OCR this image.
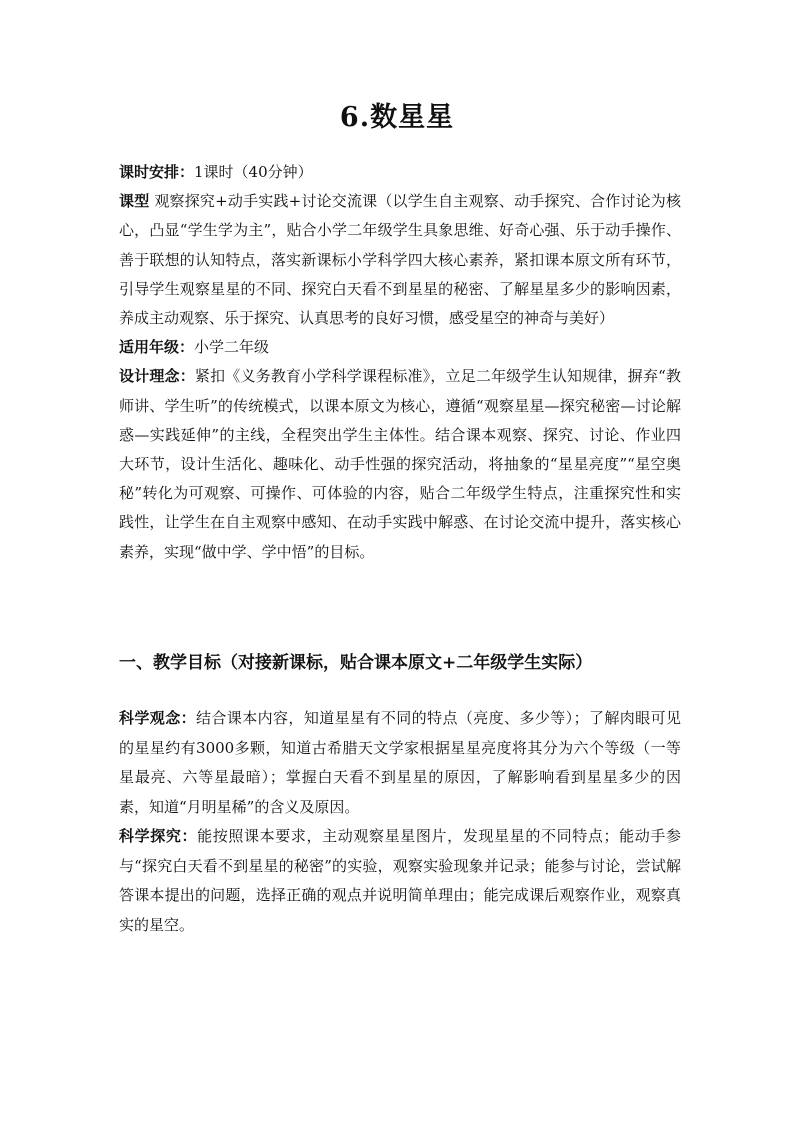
6.数星星

课时安排：1课时（40分钟）

课型 观察探究+动手实践+讨论交流课（以学生自主观察、动手探究、合作讨论为核心，凸显“学生学为主”，贴合小学二年级学生具象思维、好奇心强、乐于动手操作、善于联想的认知特点，落实新课标小学科学四大核心素养，紧扣课本原文所有环节，引导学生观察星星的不同、探究白天看不到星星的秘密、了解星星多少的影响因素，养成主动观察、乐于探究、认真思考的良好习惯，感受星空的神奇与美好）

适用年级：小学二年级

设计理念：紧扣《义务教育小学科学课程标准》，立足二年级学生认知规律，摒弃“教师讲、学生听”的传统模式，以课本原文为核心，遵循“观察星星—探究秘密—讨论解惑—实践延伸”的主线，全程突出学生主体性。结合课本观察、探究、讨论、作业四大环节，设计生活化、趣味化、动手性强的探究活动，将抽象的“星星亮度”“星空奥秘”转化为可观察、可操作、可体验的内容，贴合二年级学生特点，注重探究性和实践性，让学生在自主观察中感知、在动手实践中解惑、在讨论交流中提升，落实核心素养，实现“做中学、学中悟”的目标。

一、教学目标（对接新课标，贴合课本原文+二年级学生实际）

科学观念：结合课本内容，知道星星有不同的特点（亮度、多少等）；了解肉眼可见的星星约有3000多颗，知道古希腊天文学家根据星星亮度将其分为六个等级（一等星最亮、六等星最暗）；掌握白天看不到星星的原因，了解影响看到星星多少的因素，知道“月明星稀”的含义及原因。

科学探究：能按照课本要求，主动观察星星图片，发现星星的不同特点；能动手参与“探究白天看不到星星的秘密”的实验，观察实验现象并记录；能参与讨论，尝试解答课本提出的问题，选择正确的观点并说明简单理由；能完成课后观察作业，观察真实的星空。
